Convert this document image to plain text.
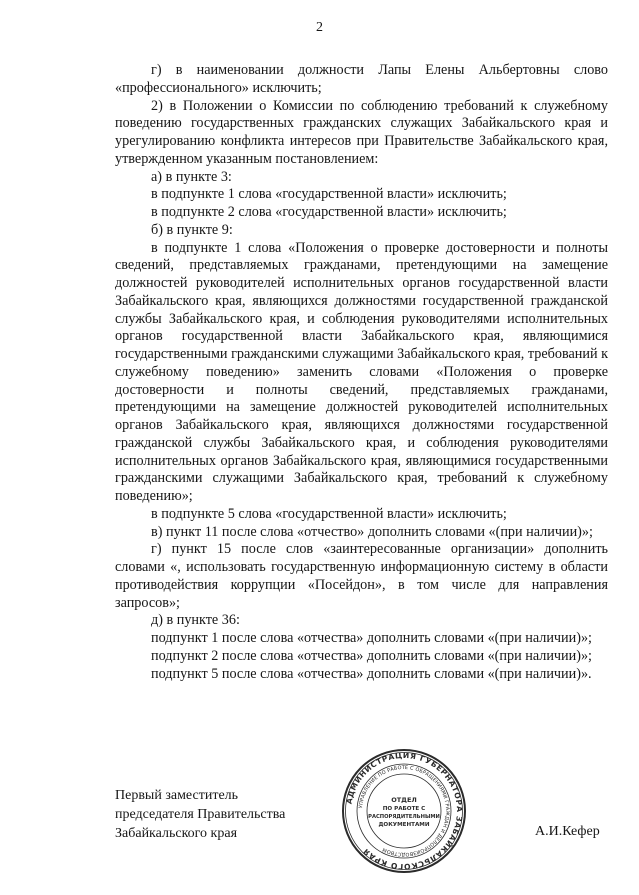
2

г) в наименовании должности Лапы Елены Альбертовны слово «профессионального» исключить;

2) в Положении о Комиссии по соблюдению требований к служебному поведению государственных гражданских служащих Забайкальского края и урегулированию конфликта интересов при Правительстве Забайкальского края, утвержденном указанным постановлением:

а) в пункте 3:

в подпункте 1 слова «государственной власти» исключить;

в подпункте 2 слова «государственной власти» исключить;

б) в пункте 9:

в подпункте 1 слова «Положения о проверке достоверности и полноты сведений, представляемых гражданами, претендующими на замещение должностей руководителей исполнительных органов государственной власти Забайкальского края, являющихся должностями государственной гражданской службы Забайкальского края, и соблюдения руководителями исполнительных органов государственной власти Забайкальского края, являющимися государственными гражданскими служащими Забайкальского края, требований к служебному поведению» заменить словами «Положения о проверке достоверности и полноты сведений, представляемых гражданами, претендующими на замещение должностей руководителей исполнительных органов Забайкальского края, являющихся должностями государственной гражданской службы Забайкальского края, и соблюдения руководителями исполнительных органов Забайкальского края, являющимися государственными гражданскими служащими Забайкальского края, требований к служебному поведению»;

в подпункте 5 слова «государственной власти» исключить;

в) пункт 11 после слова «отчество» дополнить словами «(при наличии)»;

г) пункт 15 после слов «заинтересованные организации» дополнить словами «, использовать государственную информационную систему в области противодействия коррупции «Посейдон», в том числе для направления запросов»;

д) в пункте 36:

подпункт 1 после слова «отчества» дополнить словами «(при наличии)»;

подпункт 2 после слова «отчества» дополнить словами «(при наличии)»;

подпункт 5 после слова «отчества» дополнить словами «(при наличии)».

Первый заместитель
председателя Правительства
Забайкальского края
АДМИНИСТРАЦИЯ ГУБЕРНАТОРА ЗАБАЙКАЛЬСКОГО КРАЯ
УПРАВЛЕНИЕ ПО РАБОТЕ С ОБРАЩЕНИЯМИ ГРАЖДАН И ДЕЛОПРОИЗВОДСТВОМ
ОТДЕЛ
ПО РАБОТЕ С
РАСПОРЯДИТЕЛЬНЫМИ
ДОКУМЕНТАМИ	А.И.Кефер
